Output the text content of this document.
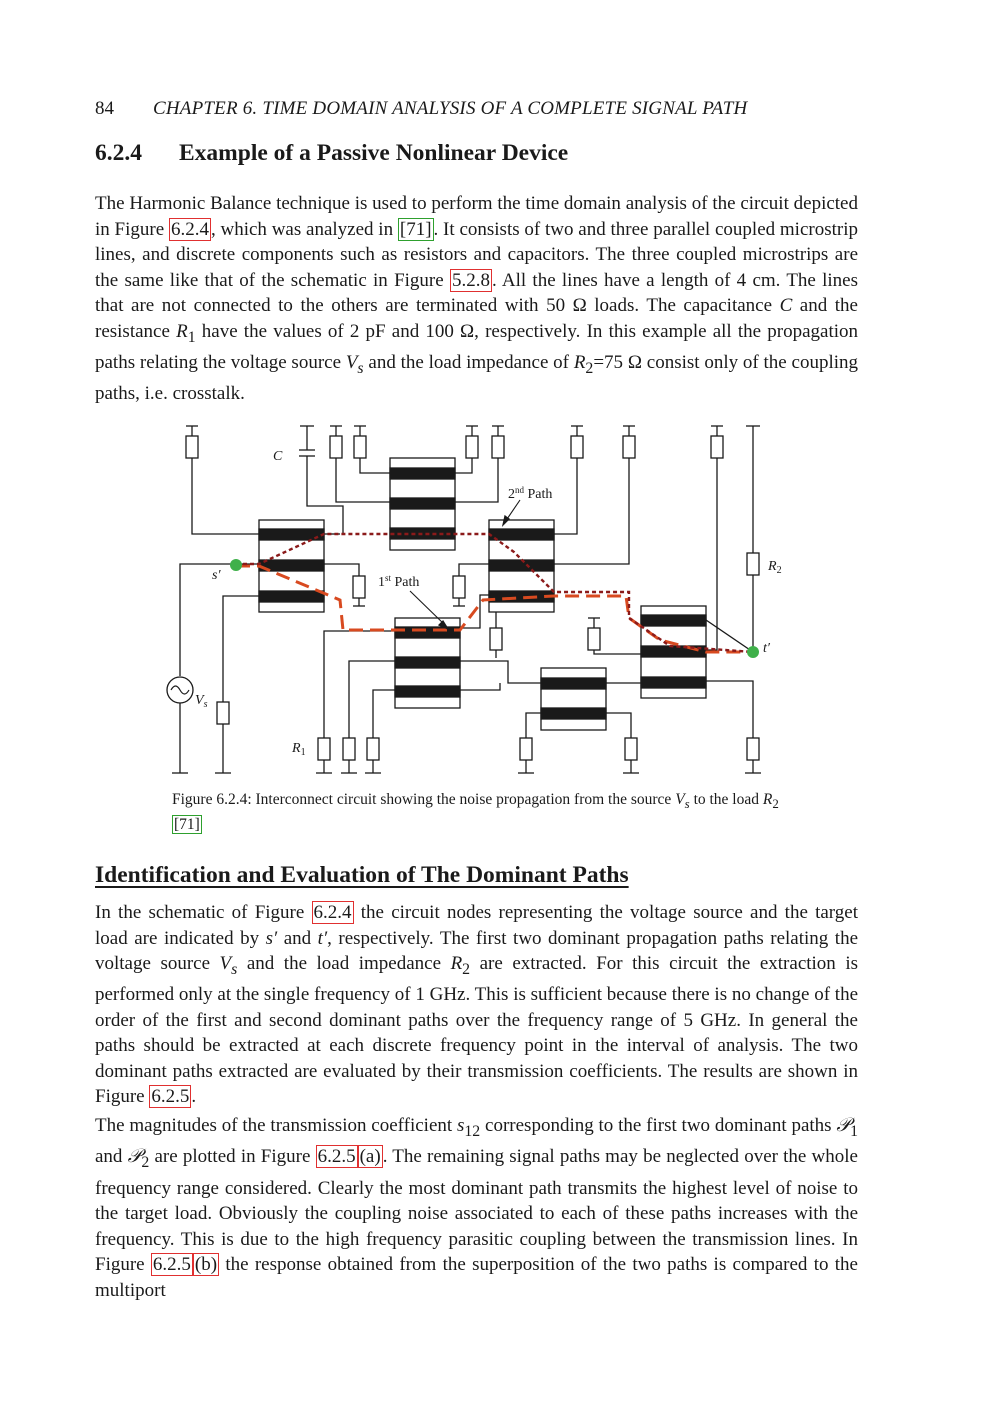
84 CHAPTER 6. TIME DOMAIN ANALYSIS OF A COMPLETE SIGNAL PATH
6.2.4 Example of a Passive Nonlinear Device

The Harmonic Balance technique is used to perform the time domain analysis of the circuit depicted in Figure 6.2.4 , which was analyzed in [71] . It consists of two and three parallel coupled microstrip lines, and discrete components such as resistors and capacitors. The three coupled microstrips are the same like that of the schematic in Figure 5.2.8 . All the lines have a length of 4 cm. The lines that are not connected to the others are terminated with 50 Ω loads. The capacitance C and the resistance $R_1$ have the values of 2 pF and 100 Ω, respectively. In this example all the propagation paths relating the voltage source $V_s$ and the load impedance of $R_2=75$ Ω consist only of the coupling paths, i.e. crosstalk.

C
2nd Path
1st Path
s′
t′
$R_2$
$R_1$
$V_s$
Figure 6.2.4: Interconnect circuit showing the noise propagation from the source $V_s$ to the load $R_2$ [71]
Identification and Evaluation of The Dominant Paths

In the schematic of Figure 6.2.4 the circuit nodes representing the voltage source and the target load are indicated by s′ and t′, respectively. The first two dominant propagation paths relating the voltage source $V_s$ and the load impedance $R_2$ are extracted. For this circuit the extraction is performed only at the single frequency of 1 GHz. This is sufficient because there is no change of the order of the first and second dominant paths over the frequency range of 5 GHz. In general the paths should be extracted at each discrete frequency point in the interval of analysis. The two dominant paths extracted are evaluated by their transmission coefficients. The results are shown in Figure 6.2.5 .

The magnitudes of the transmission coefficient $s_{12}$ corresponding to the first two dominant paths 𝒫$_1$ and 𝒫$_2$ are plotted in Figure 6.2.5 (a) . The remaining signal paths may be neglected over the whole frequency range considered. Clearly the most dominant path transmits the highest level of noise to the target load. Obviously the coupling noise associated to each of these paths increases with the frequency. This is due to the high frequency parasitic coupling between the transmission lines. In Figure 6.2.5 (b) the response obtained from the superposition of the two paths is compared to the multiport
